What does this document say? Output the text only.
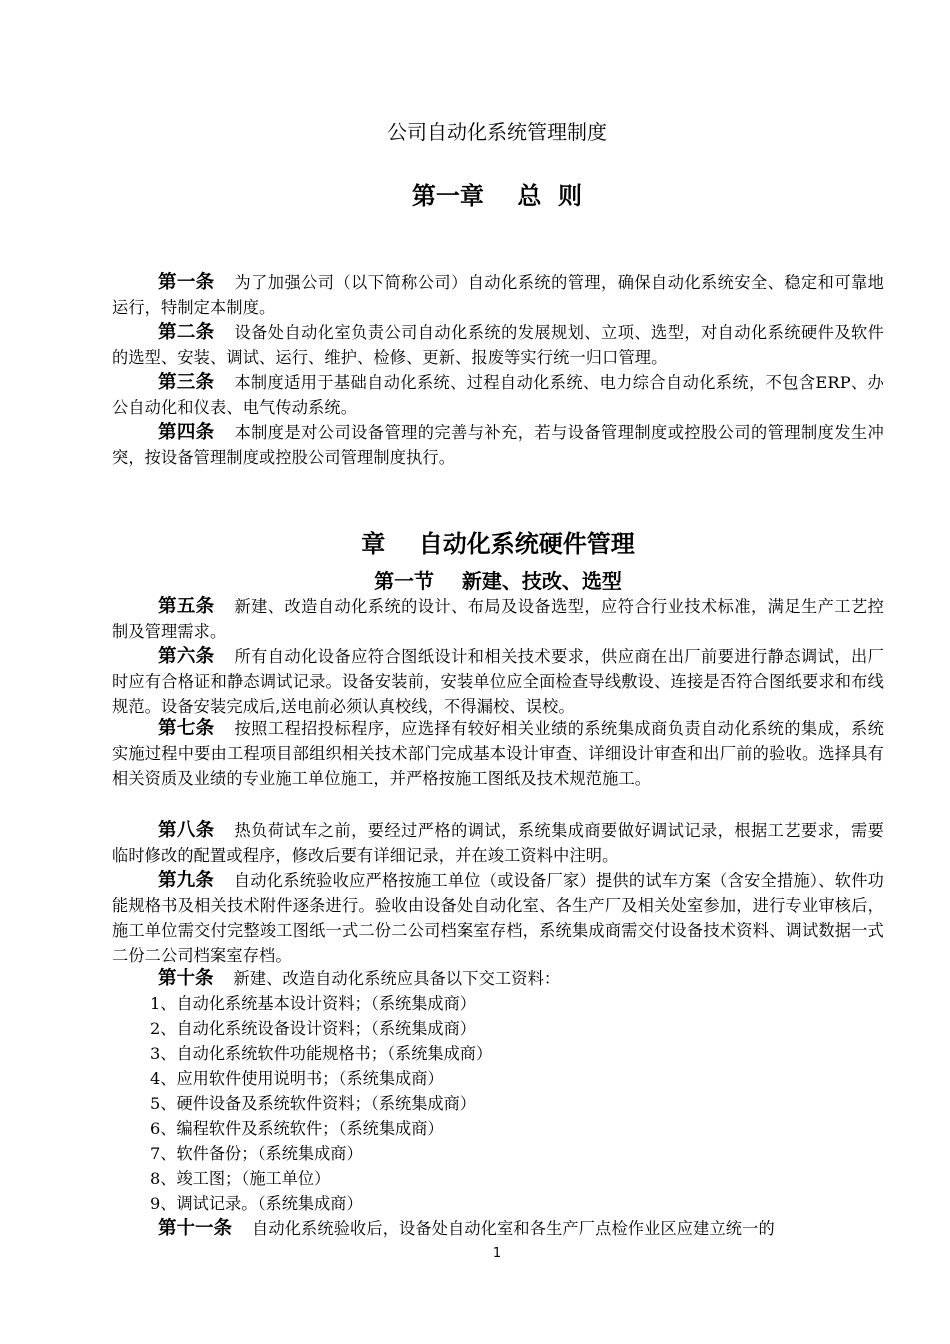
公司自动化系统管理制度
第一章    总  则
第一条 为了加强公司（以下简称公司）自动化系统的管理，确保自动化系统安全、稳定和可靠地运行，特制定本制度。
第二条 设备处自动化室负责公司自动化系统的发展规划、立项、选型，对自动化系统硬件及软件的选型、安装、调试、运行、维护、检修、更新、报废等实行统一归口管理。
第三条 本制度适用于基础自动化系统、过程自动化系统、电力综合自动化系统，不包含ERP、办公自动化和仪表、电气传动系统。
第四条 本制度是对公司设备管理的完善与补充，若与设备管理制度或控股公司的管理制度发生冲突，按设备管理制度或控股公司管理制度执行。
章    自动化系统硬件管理
第一节    新建、技改、选型
第五条 新建、改造自动化系统的设计、布局及设备选型，应符合行业技术标准，满足生产工艺控制及管理需求。
第六条 所有自动化设备应符合图纸设计和相关技术要求，供应商在出厂前要进行静态调试，出厂时应有合格证和静态调试记录。设备安装前，安装单位应全面检查导线敷设、连接是否符合图纸要求和布线规范。设备安装完成后,送电前必须认真校线，不得漏校、误校。
第七条 按照工程招投标程序，应选择有较好相关业绩的系统集成商负责自动化系统的集成，系统实施过程中要由工程项目部组织相关技术部门完成基本设计审查、详细设计审查和出厂前的验收。选择具有相关资质及业绩的专业施工单位施工，并严格按施工图纸及技术规范施工。
第八条 热负荷试车之前，要经过严格的调试，系统集成商要做好调试记录，根据工艺要求，需要临时修改的配置或程序，修改后要有详细记录，并在竣工资料中注明。
第九条 自动化系统验收应严格按施工单位（或设备厂家）提供的试车方案（含安全措施）、软件功能规格书及相关技术附件逐条进行。验收由设备处自动化室、各生产厂及相关处室参加，进行专业审核后，施工单位需交付完整竣工图纸一式二份二公司档案室存档，系统集成商需交付设备技术资料、调试数据一式二份二公司档案室存档。
第十条 新建、改造自动化系统应具备以下交工资料：
1、自动化系统基本设计资料；（系统集成商）
2、自动化系统设备设计资料；（系统集成商）
3、自动化系统软件功能规格书；（系统集成商）
4、应用软件使用说明书；（系统集成商）
5、硬件设备及系统软件资料；（系统集成商）
6、编程软件及系统软件；（系统集成商）
7、软件备份；（系统集成商）
8、竣工图；（施工单位）
9、调试记录。（系统集成商）
第十一条 自动化系统验收后，设备处自动化室和各生产厂点检作业区应建立统一的
1
